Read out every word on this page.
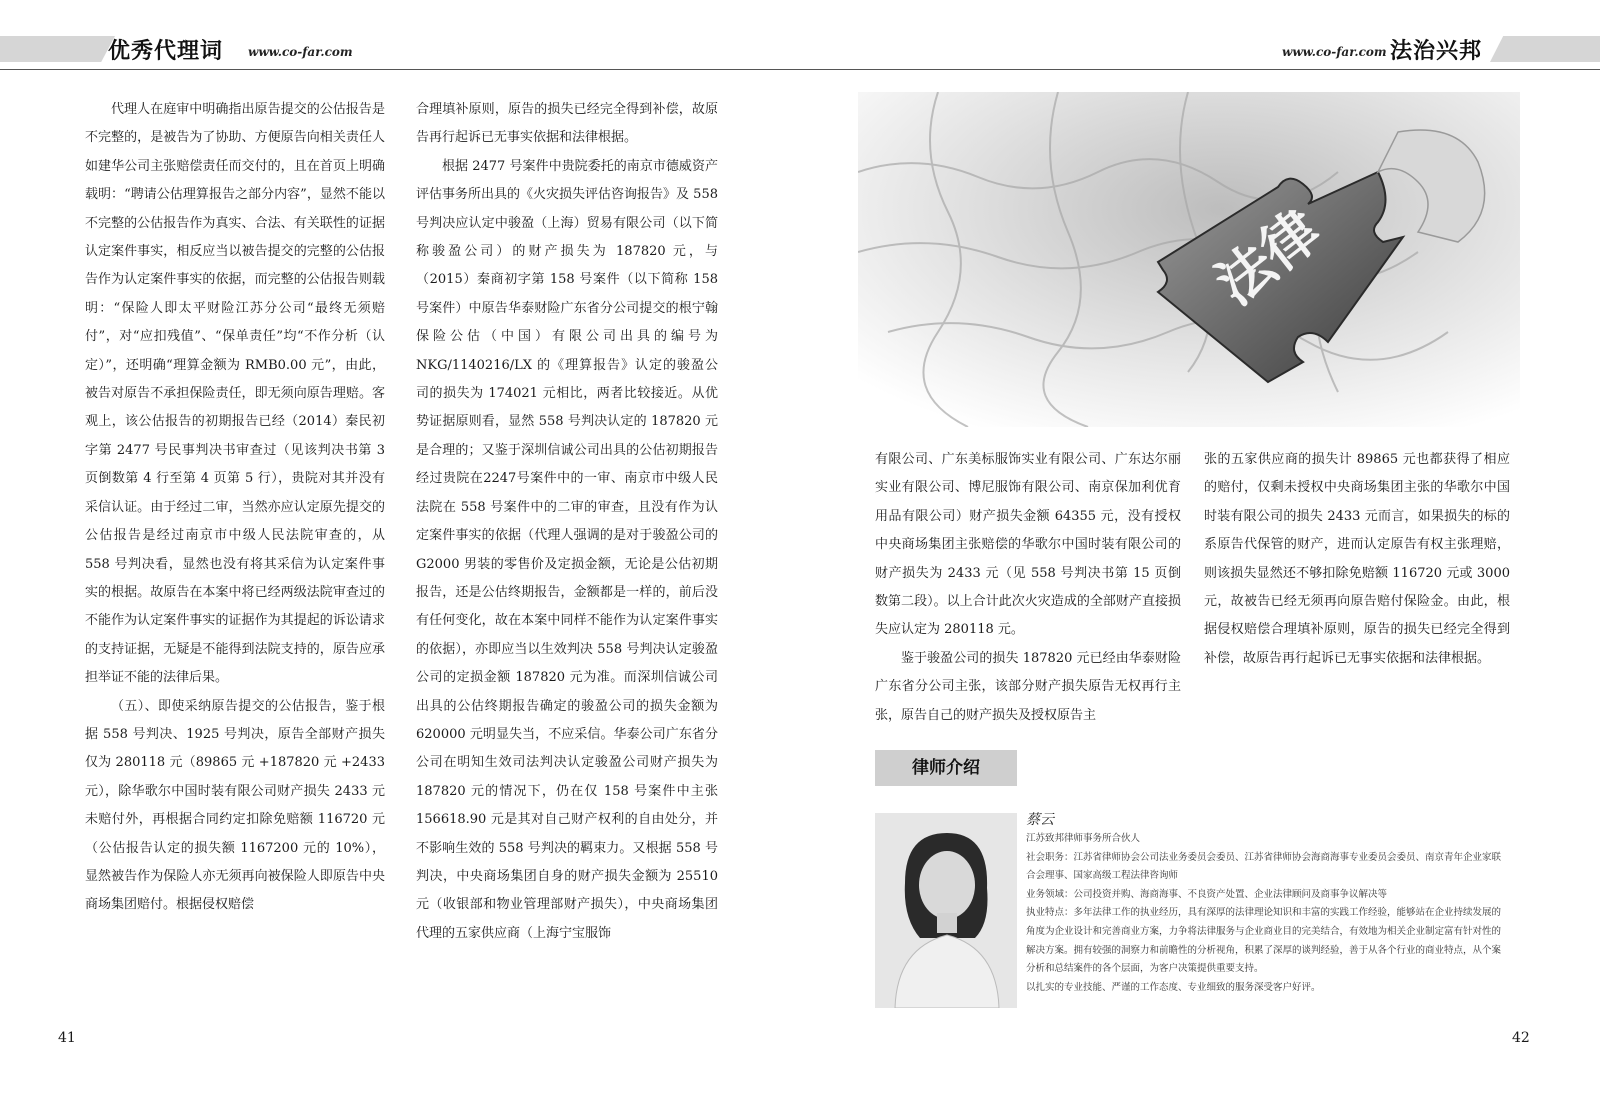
优秀代理词 www.co-far.com	www.co-far.com 法治兴邦

代理人在庭审中明确指出原告提交的公估报告是不完整的，是被告为了协助、方便原告向相关责任人如建华公司主张赔偿责任而交付的，且在首页上明确载明：“聘请公估理算报告之部分内容”，显然不能以不完整的公估报告作为真实、合法、有关联性的证据认定案件事实，相反应当以被告提交的完整的公估报告作为认定案件事实的依据，而完整的公估报告则载明：“保险人即太平财险江苏分公司“最终无须赔付”，对“应扣残值”、“保单责任”均“不作分析（认定）”，还明确“理算金额为 RMB0.00 元”，由此，被告对原告不承担保险责任，即无须向原告理赔。客观上，该公估报告的初期报告已经（2014）秦民初字第 2477 号民事判决书审查过（见该判决书第 3 页倒数第 4 行至第 4 页第 5 行），贵院对其并没有采信认证。由于经过二审，当然亦应认定原先提交的公估报告是经过南京市中级人民法院审查的，从 558 号判决看，显然也没有将其采信为认定案件事实的根据。故原告在本案中将已经两级法院审查过的不能作为认定案件事实的证据作为其提起的诉讼请求的支持证据，无疑是不能得到法院支持的，原告应承担举证不能的法律后果。

（五）、即使采纳原告提交的公估报告，鉴于根据 558 号判决、1925 号判决，原告全部财产损失仅为 280118 元（89865 元 +187820 元 +2433 元），除华歌尔中国时装有限公司财产损失 2433 元未赔付外，再根据合同约定扣除免赔额 116720 元（公估报告认定的损失额 1167200 元的 10%），显然被告作为保险人亦无须再向被保险人即原告中央商场集团赔付。根据侵权赔偿

合理填补原则，原告的损失已经完全得到补偿，故原告再行起诉已无事实依据和法律根据。

根据 2477 号案件中贵院委托的南京市德威资产评估事务所出具的《火灾损失评估咨询报告》及 558 号判决应认定中骏盈（上海）贸易有限公司（以下简称骏盈公司）的财产损失为 187820 元，与（2015）秦商初字第 158 号案件（以下简称 158 号案件）中原告华泰财险广东省分公司提交的根宁翰保险公估（中国）有限公司出具的编号为 NKG/1140216/LX 的《理算报告》认定的骏盈公司的损失为 174021 元相比，两者比较接近。从优势证据原则看，显然 558 号判决认定的 187820 元是合理的；又鉴于深圳信诚公司出具的公估初期报告经过贵院在2247号案件中的一审、南京市中级人民法院在 558 号案件中的二审的审查，且没有作为认定案件事实的依据（代理人强调的是对于骏盈公司的 G2000 男装的零售价及定损金额，无论是公估初期报告，还是公估终期报告，金额都是一样的，前后没有任何变化，故在本案中同样不能作为认定案件事实的依据），亦即应当以生效判决 558 号判决认定骏盈公司的定损金额 187820 元为准。而深圳信诚公司出具的公估终期报告确定的骏盈公司的损失金额为 620000 元明显失当，不应采信。华泰公司广东省分公司在明知生效司法判决认定骏盈公司财产损失为 187820 元的情况下，仍在仅 158 号案件中主张 156618.90 元是其对自己财产权利的自由处分，并不影响生效的 558 号判决的羁束力。又根据 558 号判决，中央商场集团自身的财产损失金额为 25510 元（收银部和物业管理部财产损失），中央商场集团代理的五家供应商（上海宁宝服饰

法律

有限公司、广东美标服饰实业有限公司、广东达尔丽实业有限公司、博尼服饰有限公司、南京保加利优育用品有限公司）财产损失金额 64355 元，没有授权中央商场集团主张赔偿的华歌尔中国时装有限公司的财产损失为 2433 元（见 558 号判决书第 15 页倒数第二段）。以上合计此次火灾造成的全部财产直接损失应认定为 280118 元。

鉴于骏盈公司的损失 187820 元已经由华泰财险广东省分公司主张，该部分财产损失原告无权再行主张，原告自己的财产损失及授权原告主

张的五家供应商的损失计 89865 元也都获得了相应的赔付，仅剩未授权中央商场集团主张的华歌尔中国时装有限公司的损失 2433 元而言，如果损失的标的系原告代保管的财产，进而认定原告有权主张理赔，则该损失显然还不够扣除免赔额 116720 元或 3000 元，故被告已经无须再向原告赔付保险金。由此，根据侵权赔偿合理填补原则，原告的损失已经完全得到补偿，故原告再行起诉已无事实依据和法律根据。

律师介绍

蔡云

江苏致邦律师事务所合伙人

社会职务：江苏省律师协会公司法业务委员会委员、江苏省律师协会海商海事专业委员会委员、南京青年企业家联合会理事、国家高级工程法律咨询师

业务领域：公司投资并购、海商海事、不良资产处置、企业法律顾问及商事争议解决等

执业特点：多年法律工作的执业经历，具有深厚的法律理论知识和丰富的实践工作经验，能够站在企业持续发展的角度为企业设计和完善商业方案，力争将法律服务与企业商业目的完美结合，有效地为相关企业制定富有针对性的解决方案。拥有较强的洞察力和前瞻性的分析视角，积累了深厚的谈判经验，善于从各个行业的商业特点，从个案分析和总结案件的各个层面，为客户决策提供重要支持。

以扎实的专业技能、严谨的工作态度、专业细致的服务深受客户好评。

41	42
